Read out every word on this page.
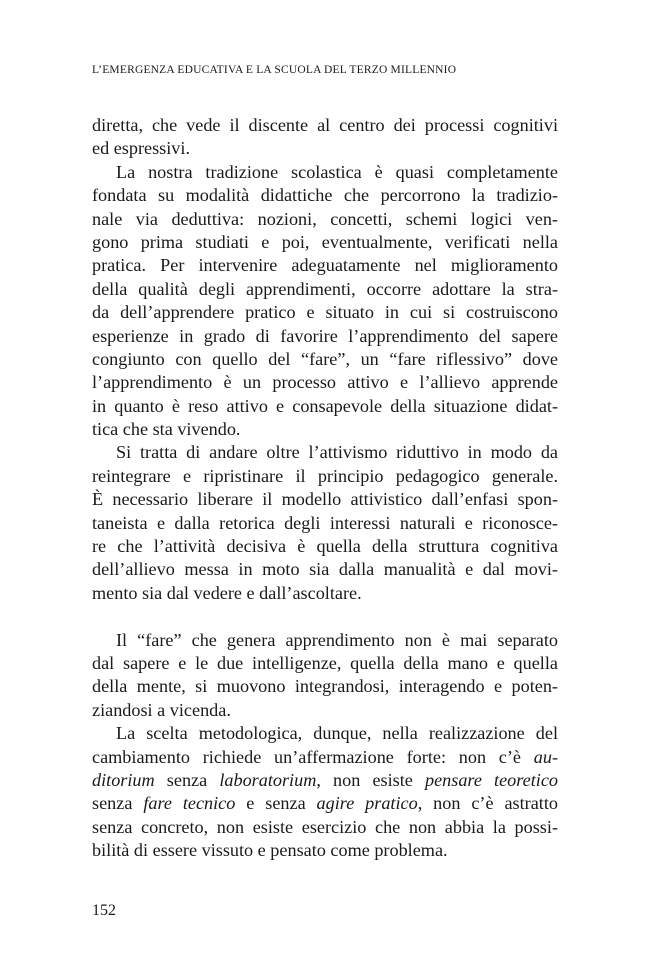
L’EMERGENZA EDUCATIVA E LA SCUOLA DEL TERZO MILLENNIO
diretta, che vede il discente al centro dei processi cognitivi
ed espressivi.
La nostra tradizione scolastica è quasi completamente
fondata su modalità didattiche che percorrono la tradizio-
nale via deduttiva: nozioni, concetti, schemi logici ven-
gono prima studiati e poi, eventualmente, verificati nella
pratica. Per intervenire adeguatamente nel miglioramento
della qualità degli apprendimenti, occorre adottare la stra-
da dell’apprendere pratico e situato in cui si costruiscono
esperienze in grado di favorire l’apprendimento del sapere
congiunto con quello del “fare”, un “fare riflessivo” dove
l’apprendimento è un processo attivo e l’allievo apprende
in quanto è reso attivo e consapevole della situazione didat-
tica che sta vivendo.
Si tratta di andare oltre l’attivismo riduttivo in modo da
reintegrare e ripristinare il principio pedagogico generale.
È necessario liberare il modello attivistico dall’enfasi spon-
taneista e dalla retorica degli interessi naturali e riconosce-
re che l’attività decisiva è quella della struttura cognitiva
dell’allievo messa in moto sia dalla manualità e dal movi-
mento sia dal vedere e dall’ascoltare.
Il “fare” che genera apprendimento non è mai separato
dal sapere e le due intelligenze, quella della mano e quella
della mente, si muovono integrandosi, interagendo e poten-
ziandosi a vicenda.
La scelta metodologica, dunque, nella realizzazione del
cambiamento richiede un’affermazione forte: non c’è au-
ditorium senza laboratorium, non esiste pensare teoretico
senza fare tecnico e senza agire pratico, non c’è astratto
senza concreto, non esiste esercizio che non abbia la possi-
bilità di essere vissuto e pensato come problema.
152
